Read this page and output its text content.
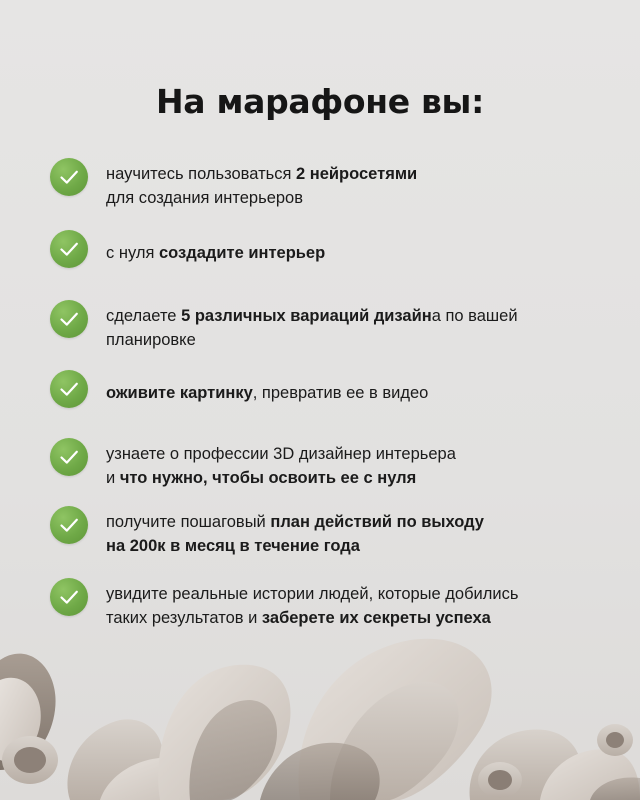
На марафоне вы:
научитесь пользоваться 2 нейросетями
для создания интерьеров
с нуля создадите интерьер
сделаете 5 различных вариаций дизайна по вашей
планировке
оживите картинку, превратив ее в видео
узнаете о профессии 3D дизайнер интерьера
и что нужно, чтобы освоить ее с нуля
получите пошаговый план действий по выходу
на 200к в месяц в течение года
увидите реальные истории людей, которые добились
таких результатов и заберете их секреты успеха
